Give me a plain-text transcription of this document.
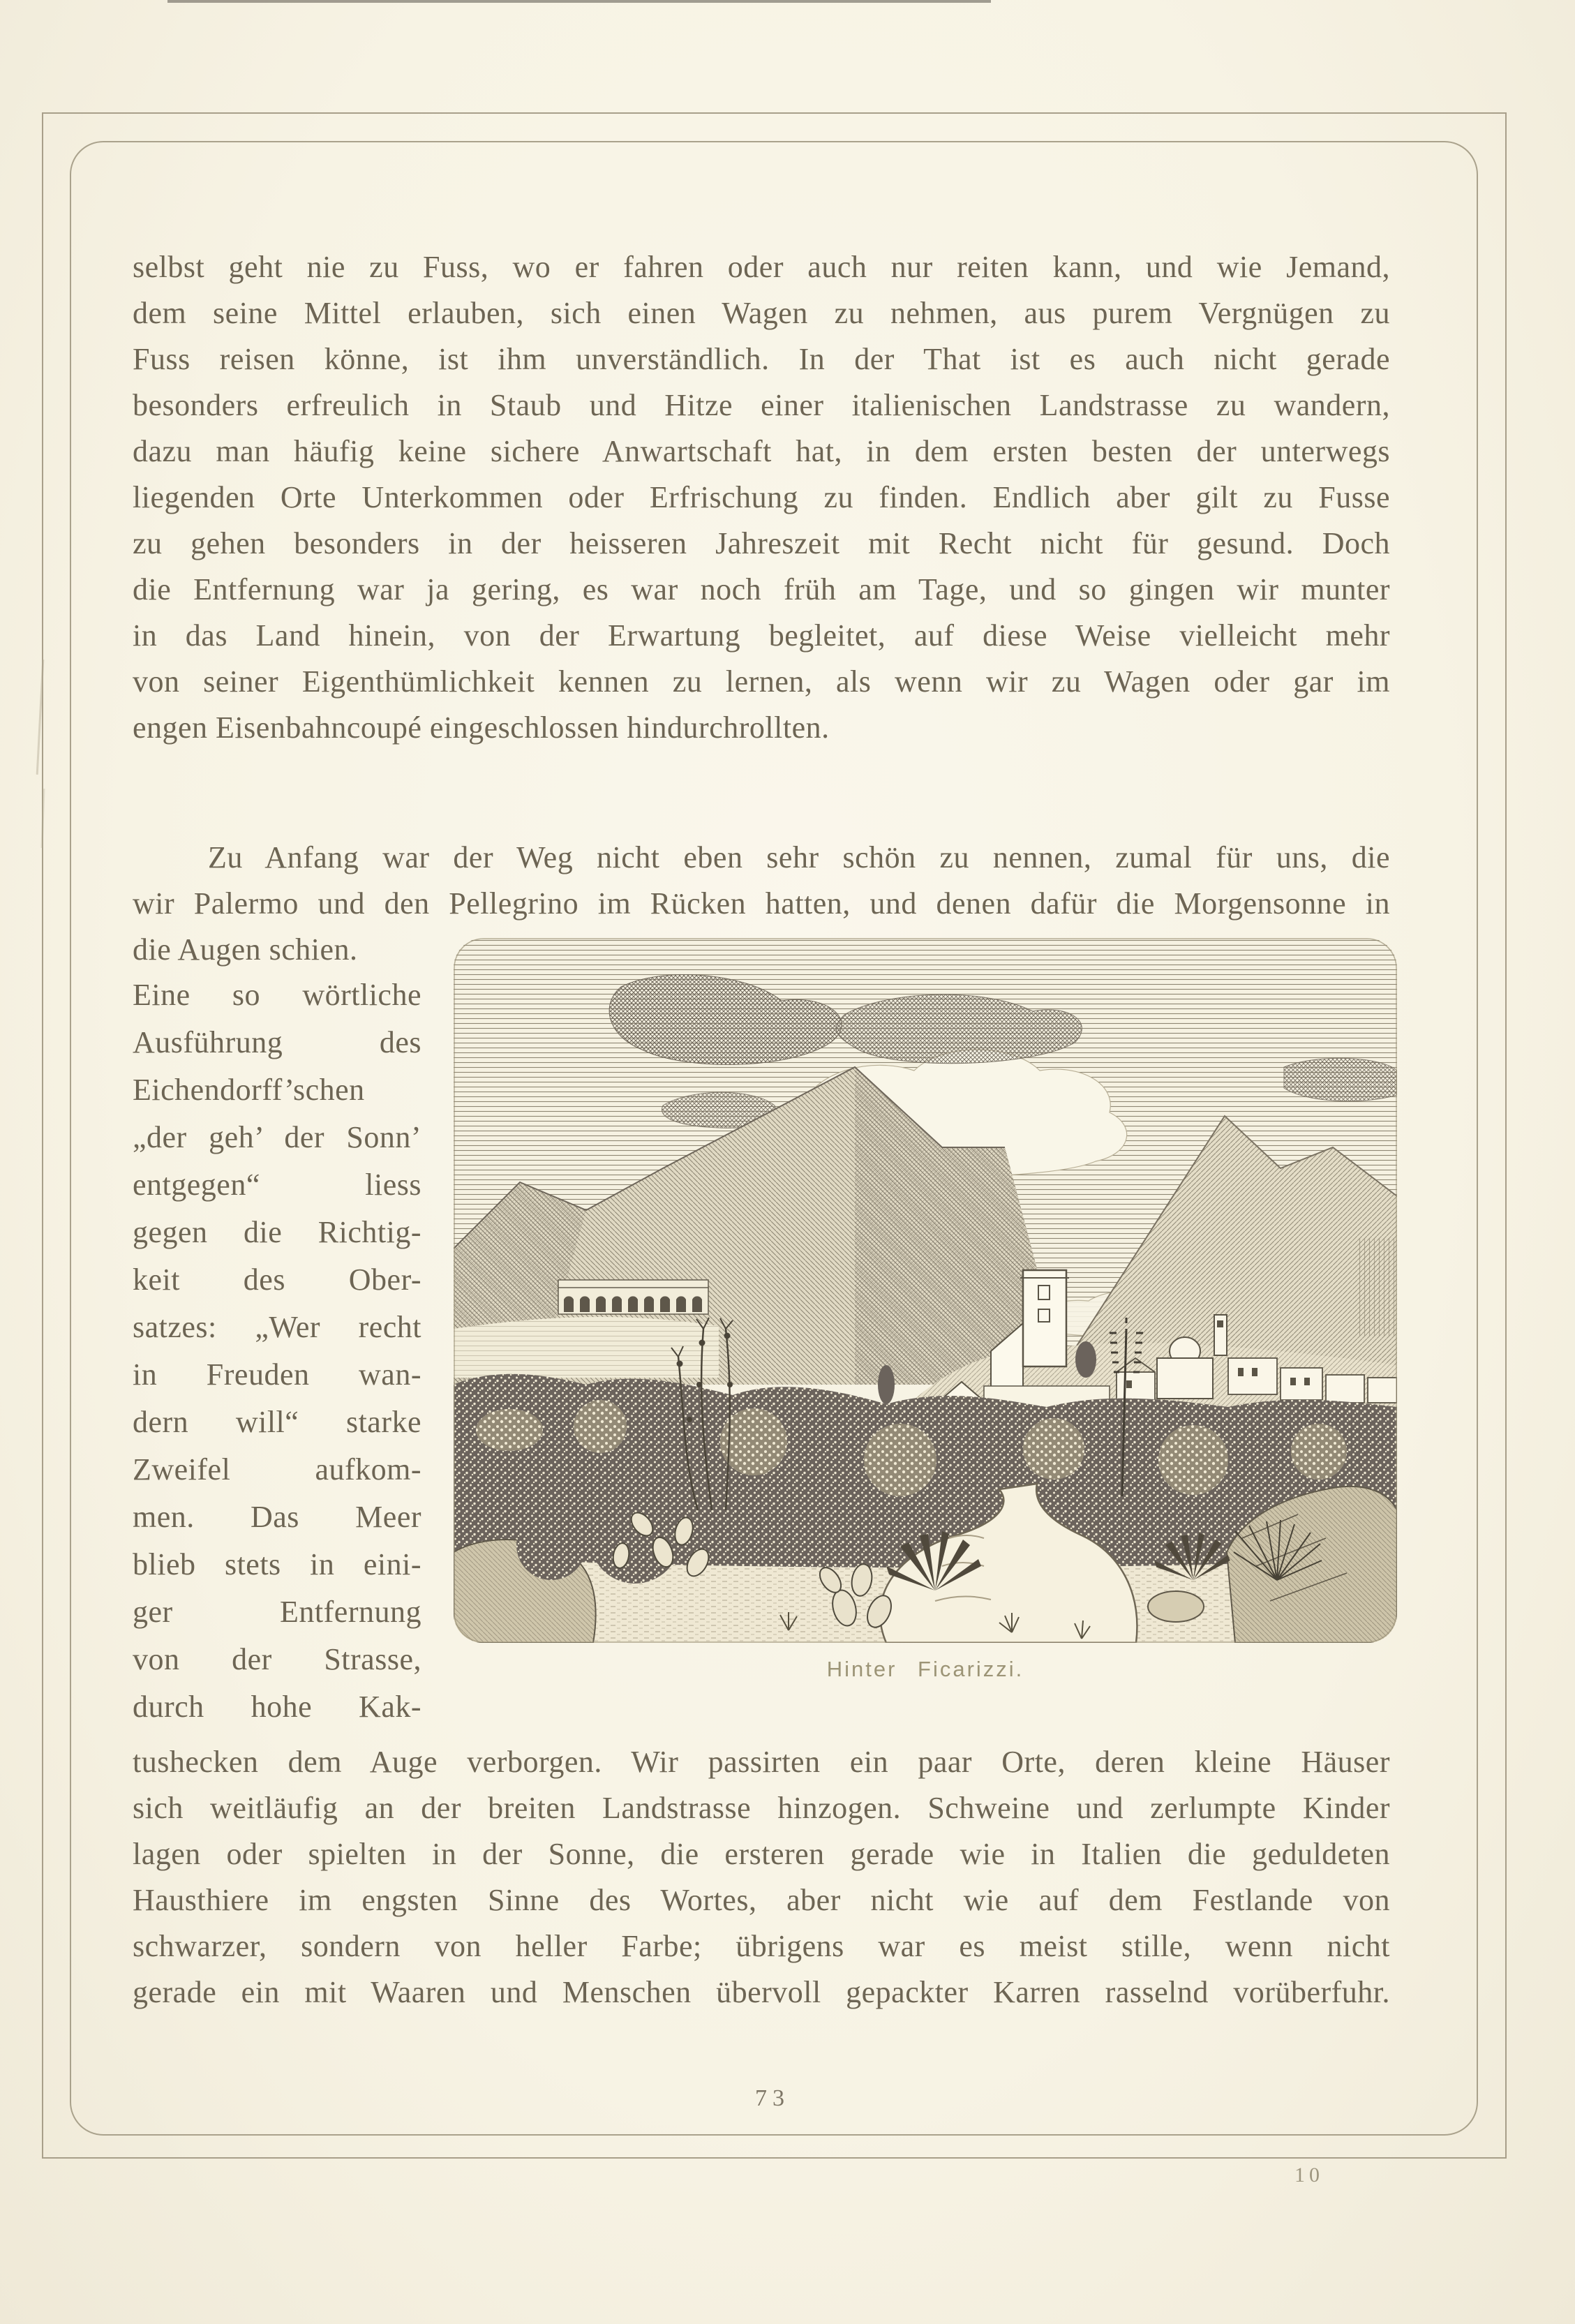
selbst geht nie zu Fuss, wo er fahren oder auch nur reiten kann, und wie Jemand,
dem seine Mittel erlauben, sich einen Wagen zu nehmen, aus purem Vergnügen zu
Fuss reisen könne, ist ihm unverständlich. In der That ist es auch nicht gerade
besonders erfreulich in Staub und Hitze einer italienischen Landstrasse zu wandern,
dazu man häufig keine sichere Anwartschaft hat, in dem ersten besten der unterwegs
liegenden Orte Unterkommen oder Erfrischung zu finden. Endlich aber gilt zu Fusse
zu gehen besonders in der heisseren Jahreszeit mit Recht nicht für gesund. Doch
die Entfernung war ja gering, es war noch früh am Tage, und so gingen wir munter
in das Land hinein, von der Erwartung begleitet, auf diese Weise vielleicht mehr
von seiner Eigenthümlichkeit kennen zu lernen, als wenn wir zu Wagen oder gar im
engen Eisenbahncoupé eingeschlossen hindurchrollten.
Zu Anfang war der Weg nicht eben sehr schön zu nennen, zumal für uns, die
wir Palermo und den Pellegrino im Rücken hatten, und denen dafür die Morgensonne in
die Augen schien.
Eine so wörtliche
Ausführung des
Eichendorff’schen
„der geh’ der Sonn’
entgegen“ liess
gegen die Richtig-
keit des Ober-
satzes: „Wer recht
in Freuden wan-
dern will“ starke
Zweifel aufkom-
men. Das Meer
blieb stets in eini-
ger Entfernung
von der Strasse,
durch hohe Kak-
tushecken dem Auge verborgen. Wir passirten ein paar Orte, deren kleine Häuser
sich weitläufig an der breiten Landstrasse hinzogen. Schweine und zerlumpte Kinder
lagen oder spielten in der Sonne, die ersteren gerade wie in Italien die geduldeten
Hausthiere im engsten Sinne des Wortes, aber nicht wie auf dem Festlande von
schwarzer, sondern von heller Farbe; übrigens war es meist stille, wenn nicht
gerade ein mit Waaren und Menschen übervoll gepackter Karren rasselnd vorüberfuhr.
Hinter Ficarizzi.
73
10
